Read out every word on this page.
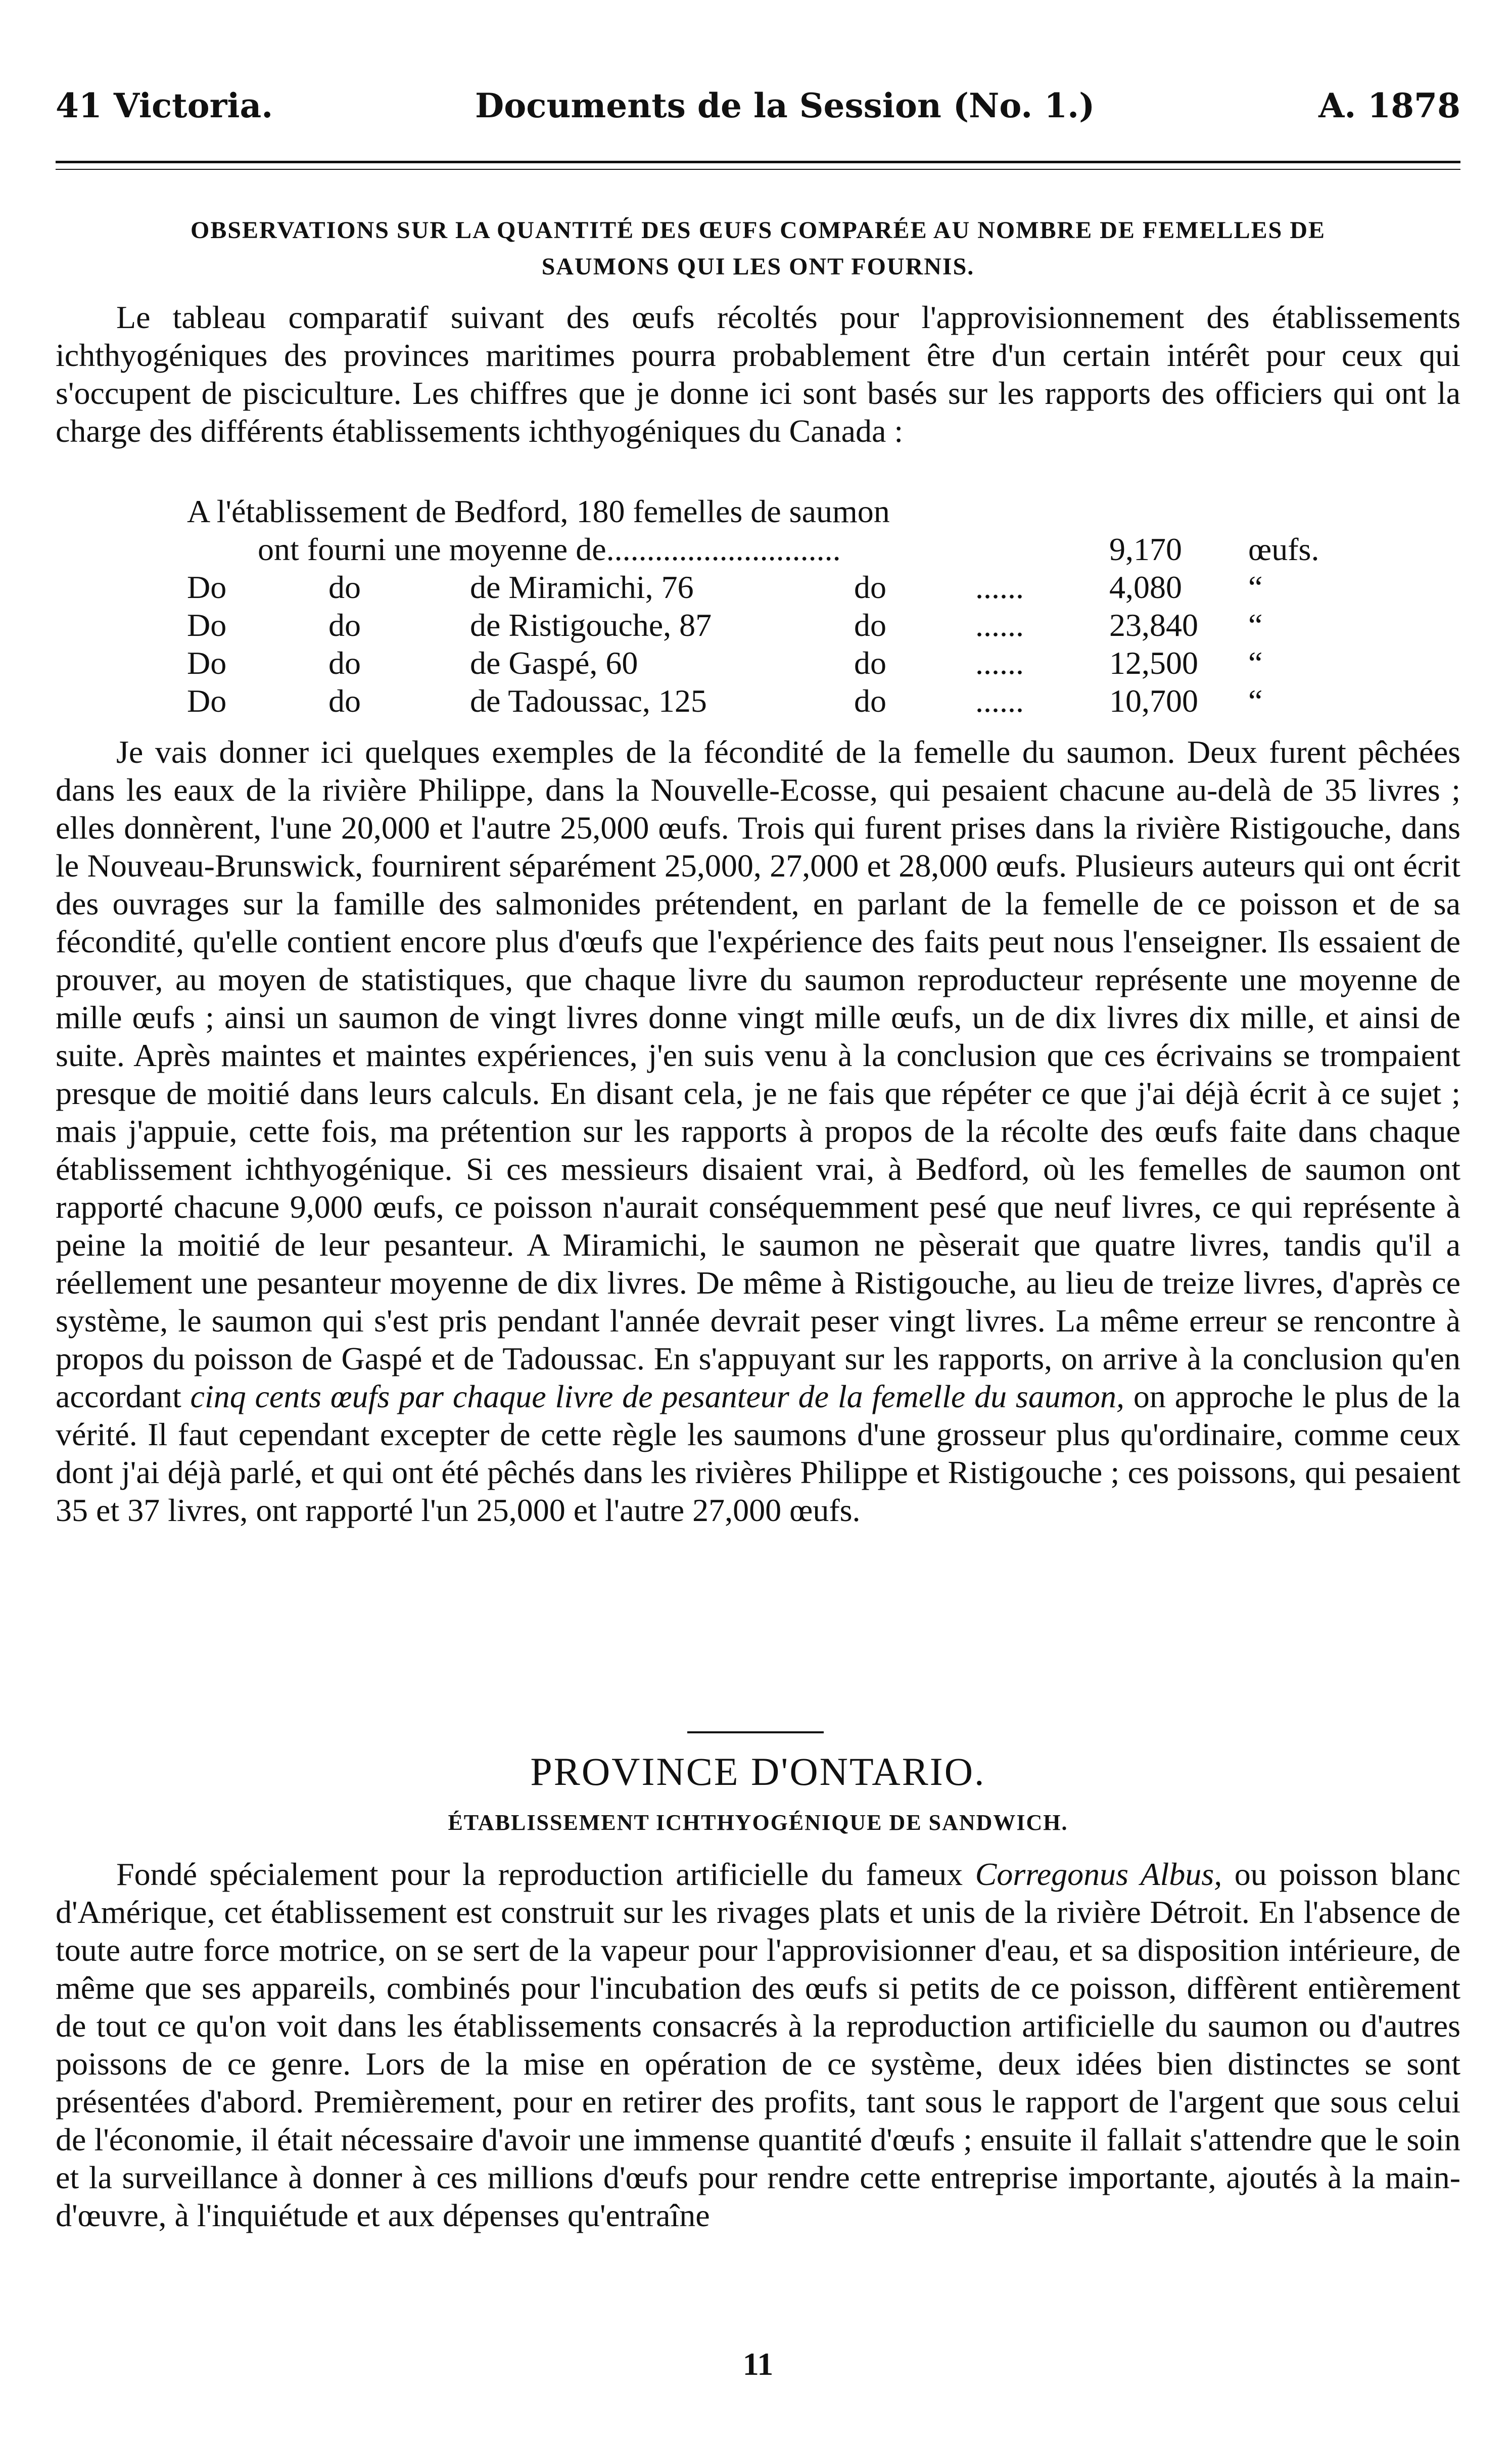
41 Victoria.	Documents de la Session (No. 1.)	A. 1878
OBSERVATIONS SUR LA QUANTITÉ DES ŒUFS COMPARÉE AU NOMBRE DE FEMELLES DE
SAUMONS QUI LES ONT FOURNIS.
Le tableau comparatif suivant des œufs récoltés pour l'approvisionnement des établissements ichthyogéniques des provinces maritimes pourra probablement être d'un certain intérêt pour ceux qui s'occupent de pisciculture. Les chiffres que je donne ici sont basés sur les rapports des officiers qui ont la charge des différents établissements ichthyogéniques du Canada :
A l'établissement de Bedford, 180 femelles de saumon
ont fourni une moyenne de.............................	9,170 œufs.
Do	do	de Miramichi, 76	do	......	4,080 “
Do	do	de Ristigouche, 87	do	......	23,840 “
Do	do	de Gaspé, 60	do	......	12,500 “
Do	do	de Tadoussac, 125	do	......	10,700 “
Je vais donner ici quelques exemples de la fécondité de la femelle du saumon. Deux furent pêchées dans les eaux de la rivière Philippe, dans la Nouvelle-Ecosse, qui pesaient chacune au-delà de 35 livres ; elles donnèrent, l'une 20,000 et l'autre 25,000 œufs. Trois qui furent prises dans la rivière Ristigouche, dans le Nouveau-Brunswick, fournirent séparément 25,000, 27,000 et 28,000 œufs. Plusieurs auteurs qui ont écrit des ouvrages sur la famille des salmonides prétendent, en parlant de la femelle de ce poisson et de sa fécondité, qu'elle contient encore plus d'œufs que l'expérience des faits peut nous l'enseigner. Ils essaient de prouver, au moyen de statistiques, que chaque livre du saumon reproducteur représente une moyenne de mille œufs ; ainsi un saumon de vingt livres donne vingt mille œufs, un de dix livres dix mille, et ainsi de suite. Après maintes et maintes expériences, j'en suis venu à la conclusion que ces écrivains se trompaient presque de moitié dans leurs calculs. En disant cela, je ne fais que répéter ce que j'ai déjà écrit à ce sujet ; mais j'appuie, cette fois, ma prétention sur les rapports à propos de la récolte des œufs faite dans chaque établissement ichthyogénique. Si ces messieurs disaient vrai, à Bedford, où les femelles de saumon ont rapporté chacune 9,000 œufs, ce poisson n'aurait conséquemment pesé que neuf livres, ce qui représente à peine la moitié de leur pesanteur. A Miramichi, le saumon ne pèserait que quatre livres, tandis qu'il a réellement une pesanteur moyenne de dix livres. De même à Ristigouche, au lieu de treize livres, d'après ce système, le saumon qui s'est pris pendant l'année devrait peser vingt livres. La même erreur se rencontre à propos du poisson de Gaspé et de Tadoussac. En s'appuyant sur les rapports, on arrive à la conclusion qu'en accordant cinq cents œufs par chaque livre de pesanteur de la femelle du saumon, on approche le plus de la vérité. Il faut cependant excepter de cette règle les saumons d'une grosseur plus qu'ordinaire, comme ceux dont j'ai déjà parlé, et qui ont été pêchés dans les rivières Philippe et Ristigouche ; ces poissons, qui pesaient 35 et 37 livres, ont rapporté l'un 25,000 et l'autre 27,000 œufs.
PROVINCE D'ONTARIO.
ÉTABLISSEMENT ICHTHYOGÉNIQUE DE SANDWICH.
Fondé spécialement pour la reproduction artificielle du fameux Corregonus Albus, ou poisson blanc d'Amérique, cet établissement est construit sur les rivages plats et unis de la rivière Détroit. En l'absence de toute autre force motrice, on se sert de la vapeur pour l'approvisionner d'eau, et sa disposition intérieure, de même que ses appareils, combinés pour l'incubation des œufs si petits de ce poisson, diffèrent entièrement de tout ce qu'on voit dans les établissements consacrés à la reproduction artificielle du saumon ou d'autres poissons de ce genre. Lors de la mise en opération de ce système, deux idées bien distinctes se sont présentées d'abord. Premièrement, pour en retirer des profits, tant sous le rapport de l'argent que sous celui de l'économie, il était nécessaire d'avoir une immense quantité d'œufs ; ensuite il fallait s'attendre que le soin et la surveillance à donner à ces millions d'œufs pour rendre cette entreprise importante, ajoutés à la main-d'œuvre, à l'inquiétude et aux dépenses qu'entraîne
11
